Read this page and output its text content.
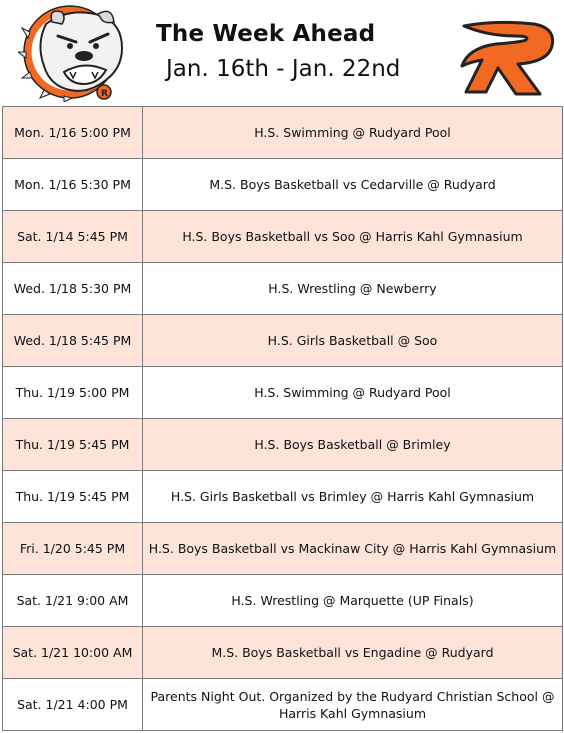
R
The Week Ahead
Jan. 16th - Jan. 22nd
Mon. 1/16 5:00 PM	H.S. Swimming @ Rudyard Pool
Mon. 1/16 5:30 PM	M.S. Boys Basketball vs Cedarville @ Rudyard
Sat. 1/14 5:45 PM	H.S. Boys Basketball vs Soo @ Harris Kahl Gymnasium
Wed. 1/18 5:30 PM	H.S. Wrestling @ Newberry
Wed. 1/18 5:45 PM	H.S. Girls Basketball @ Soo
Thu. 1/19 5:00 PM	H.S. Swimming @ Rudyard Pool
Thu. 1/19 5:45 PM	H.S. Boys Basketball @ Brimley
Thu. 1/19 5:45 PM	H.S. Girls Basketball vs Brimley @ Harris Kahl Gymnasium
Fri. 1/20 5:45 PM	H.S. Boys Basketball vs Mackinaw City @ Harris Kahl Gymnasium
Sat. 1/21 9:00 AM	H.S. Wrestling @ Marquette (UP Finals)
Sat. 1/21 10:00 AM	M.S. Boys Basketball vs Engadine @ Rudyard
Sat. 1/21 4:00 PM	Parents Night Out. Organized by the Rudyard Christian School @ Harris Kahl Gymnasium
